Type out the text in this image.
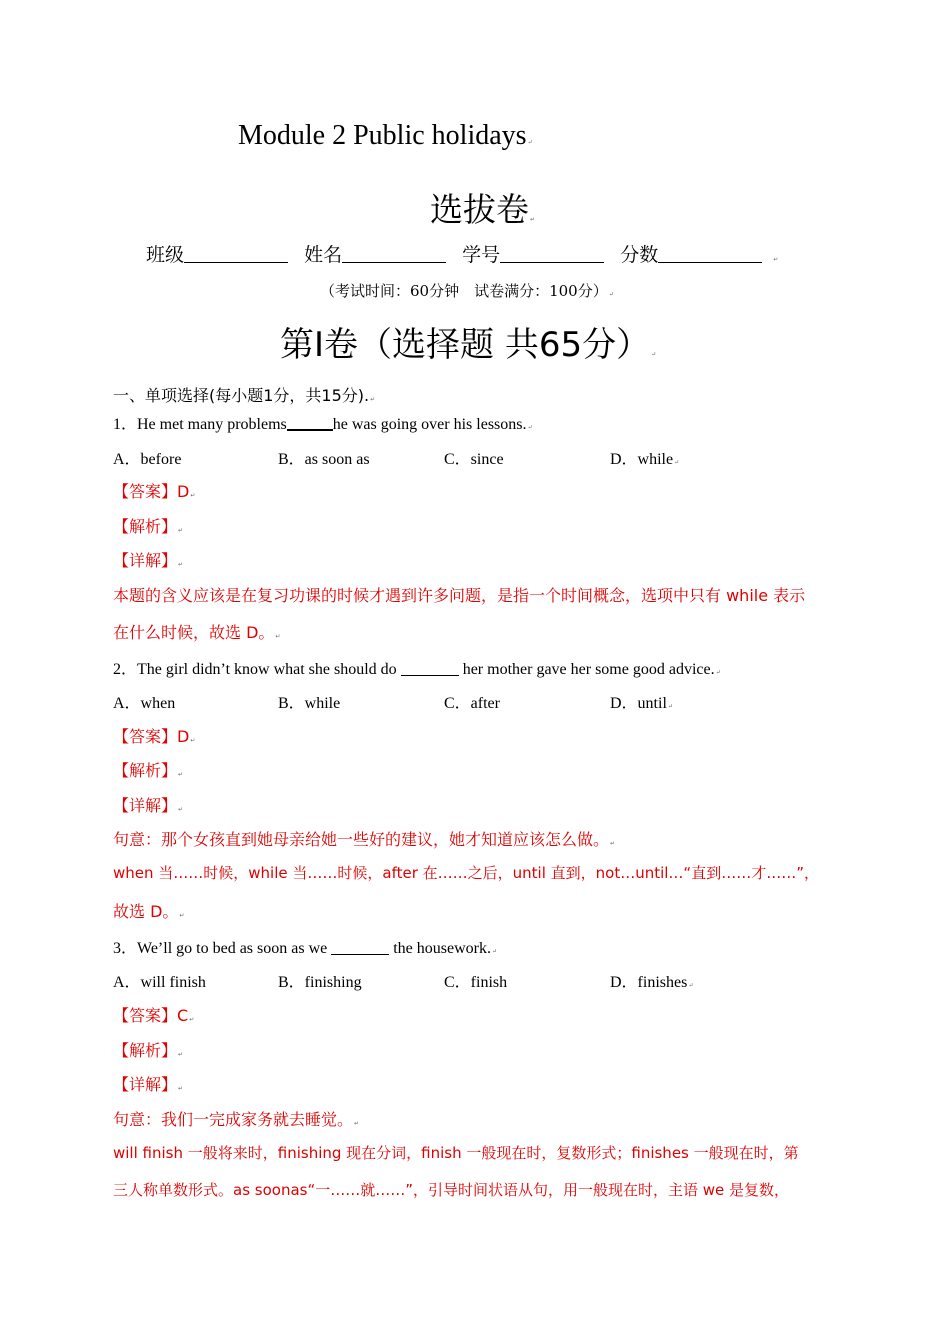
Module 2 Public holidays↵
选拔卷↵
班级	姓名	学号	分数	↵
（考试时间：60分钟　试卷满分：100分）↵
第Ⅰ卷（选择题 共65分）↵
一、单项选择(每小题1分，共15分).↵
1．He met many problems	he was going over his lessons.↵
A．before	B．as soon as	C．since	D．while↵
【答案】D↵
【解析】↵
【详解】↵
本题的含义应该是在复习功课的时候才遇到许多问题，是指一个时间概念，选项中只有 while 表示
在什么时候，故选 D。↵
2．The girl didn’t know what she should do	her mother gave her some good advice.↵
A．when	B．while	C．after	D．until↵
【答案】D↵
【解析】↵
【详解】↵
句意：那个女孩直到她母亲给她一些好的建议，她才知道应该怎么做。↵
when 当……时候，while 当……时候，after 在……之后，until 直到，not…until…“直到……才……”，
故选 D。↵
3．We’ll go to bed as soon as we	the housework.↵
A．will finish	B．finishing	C．finish	D．finishes↵
【答案】C↵
【解析】↵
【详解】↵
句意：我们一完成家务就去睡觉。↵
will finish 一般将来时，finishing 现在分词，finish 一般现在时，复数形式；finishes 一般现在时，第
三人称单数形式。as soonas“一……就……”，引导时间状语从句，用一般现在时，主语 we 是复数，
